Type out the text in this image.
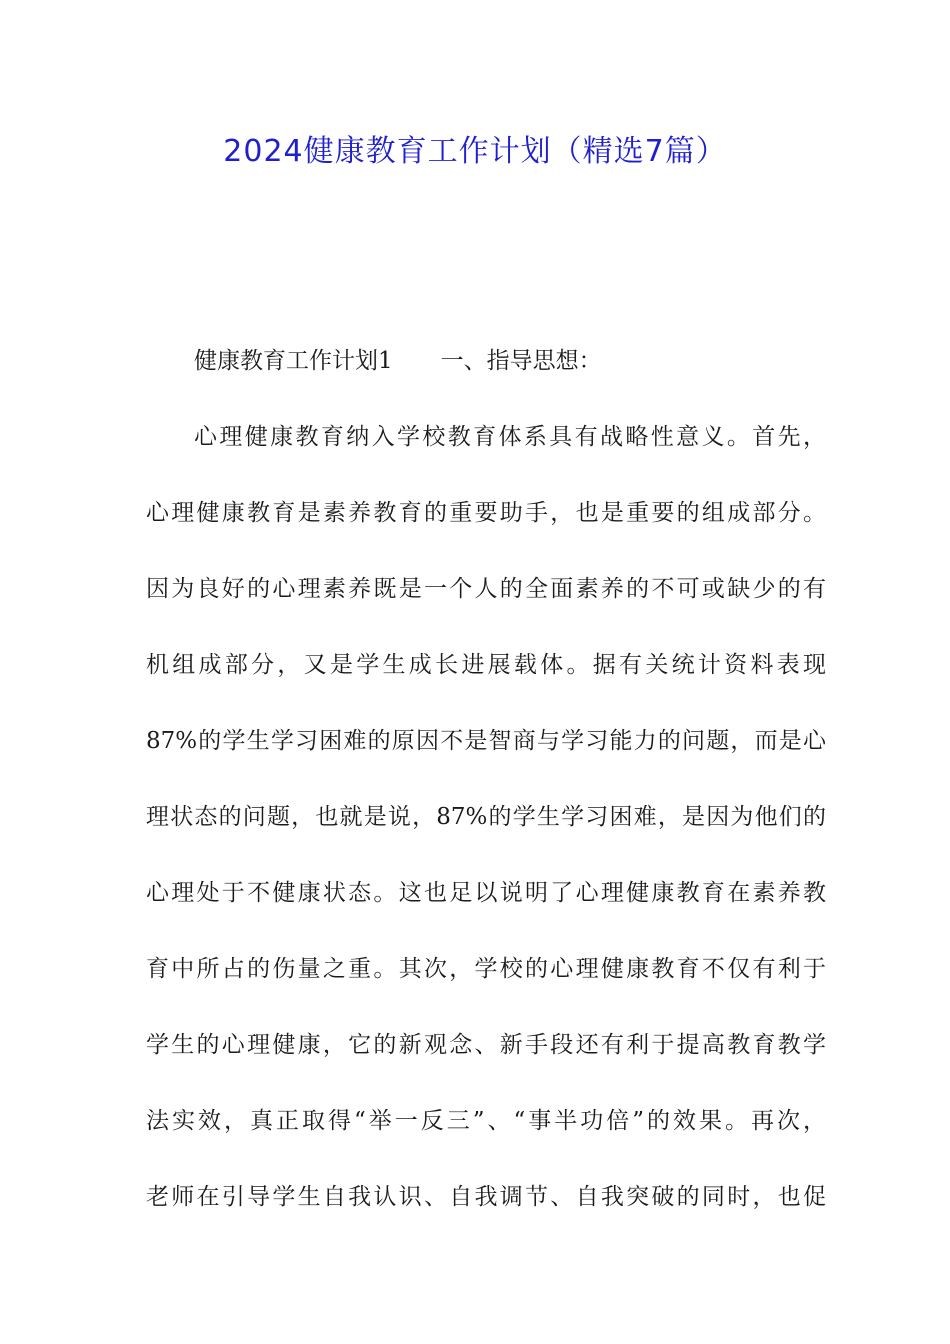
2024健康教育工作计划（精选7篇）
健康教育工作计划1 一、指导思想：
心理健康教育纳入学校教育体系具有战略性意义。首先，
心理健康教育是素养教育的重要助手，也是重要的组成部分。
因为良好的心理素养既是一个人的全面素养的不可或缺少的有
机组成部分，又是学生成长进展载体。据有关统计资料表现
87%的学生学习困难的原因不是智商与学习能力的问题，而是心
理状态的问题，也就是说，87%的学生学习困难，是因为他们的
心理处于不健康状态。这也足以说明了心理健康教育在素养教
育中所占的伤量之重。其次，学校的心理健康教育不仅有利于
学生的心理健康，它的新观念、新手段还有利于提高教育教学
法实效，真正取得“举一反三”、“事半功倍”的效果。再次，
老师在引导学生自我认识、自我调节、自我突破的同时，也促
